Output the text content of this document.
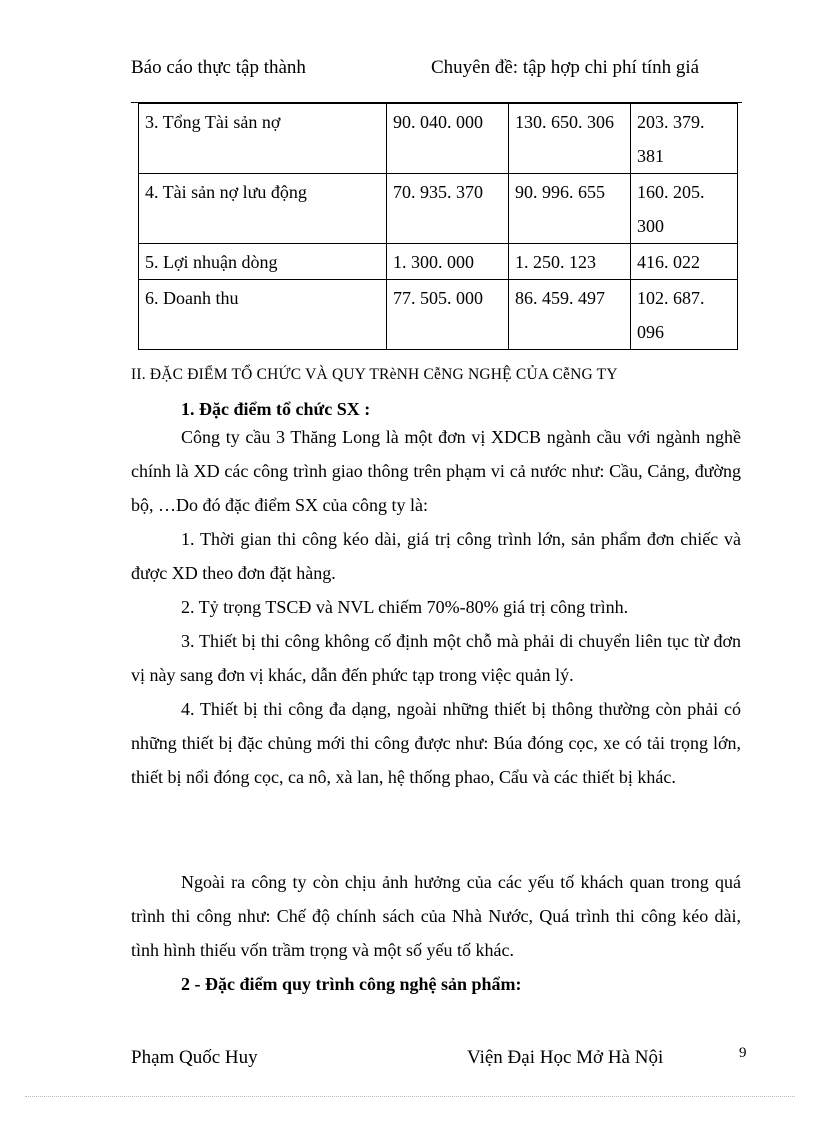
Báo cáo thực tập thành	Chuyên đề: tập hợp chi phí tính giá
3. Tổng Tài sản nợ	90. 040. 000	130. 650. 306	203. 379. 381
4. Tài sản nợ lưu động	70. 935. 370	90. 996. 655	160. 205. 300
5. Lợi nhuận dòng	1. 300. 000	1. 250. 123	416. 022
6. Doanh thu	77. 505. 000	86. 459. 497	102. 687. 096
II. ĐẶC ĐIỂM TỔ CHỨC VÀ QUY TRèNH CễNG NGHỆ CỦA CễNG TY
1. Đặc điểm tổ chức SX :

Công ty cầu 3 Thăng Long là một đơn vị XDCB ngành cầu với ngành nghề chính là XD các công trình giao thông trên phạm vi cả nước như: Cầu, Cảng, đường bộ, …Do đó đặc điểm SX của công ty là:

1. Thời gian thi công kéo dài, giá trị công trình lớn, sản phẩm đơn chiếc và được XD theo đơn đặt hàng.

2. Tỷ trọng TSCĐ và NVL chiếm 70%-80% giá trị công trình.

3. Thiết bị thi công không cố định một chỗ mà phải di chuyển liên tục từ đơn vị này sang đơn vị khác, dẫn đến phức tạp trong việc quản lý.

4. Thiết bị thi công đa dạng, ngoài những thiết bị thông thường còn phải có những thiết bị đặc chủng mới thi công được như: Búa đóng cọc, xe có tải trọng lớn, thiết bị nổi đóng cọc, ca nô, xà lan, hệ thống phao, Cẩu và các thiết bị khác.

Ngoài ra công ty còn chịu ảnh hưởng của các yếu tố khách quan trong quá trình thi công như: Chế độ chính sách của Nhà Nước, Quá trình thi công kéo dài, tình hình thiếu vốn trầm trọng và một số yếu tố khác.

2 - Đặc điểm quy trình công nghệ sản phẩm:
Phạm Quốc Huy	Viện Đại Học Mở Hà Nội	9
